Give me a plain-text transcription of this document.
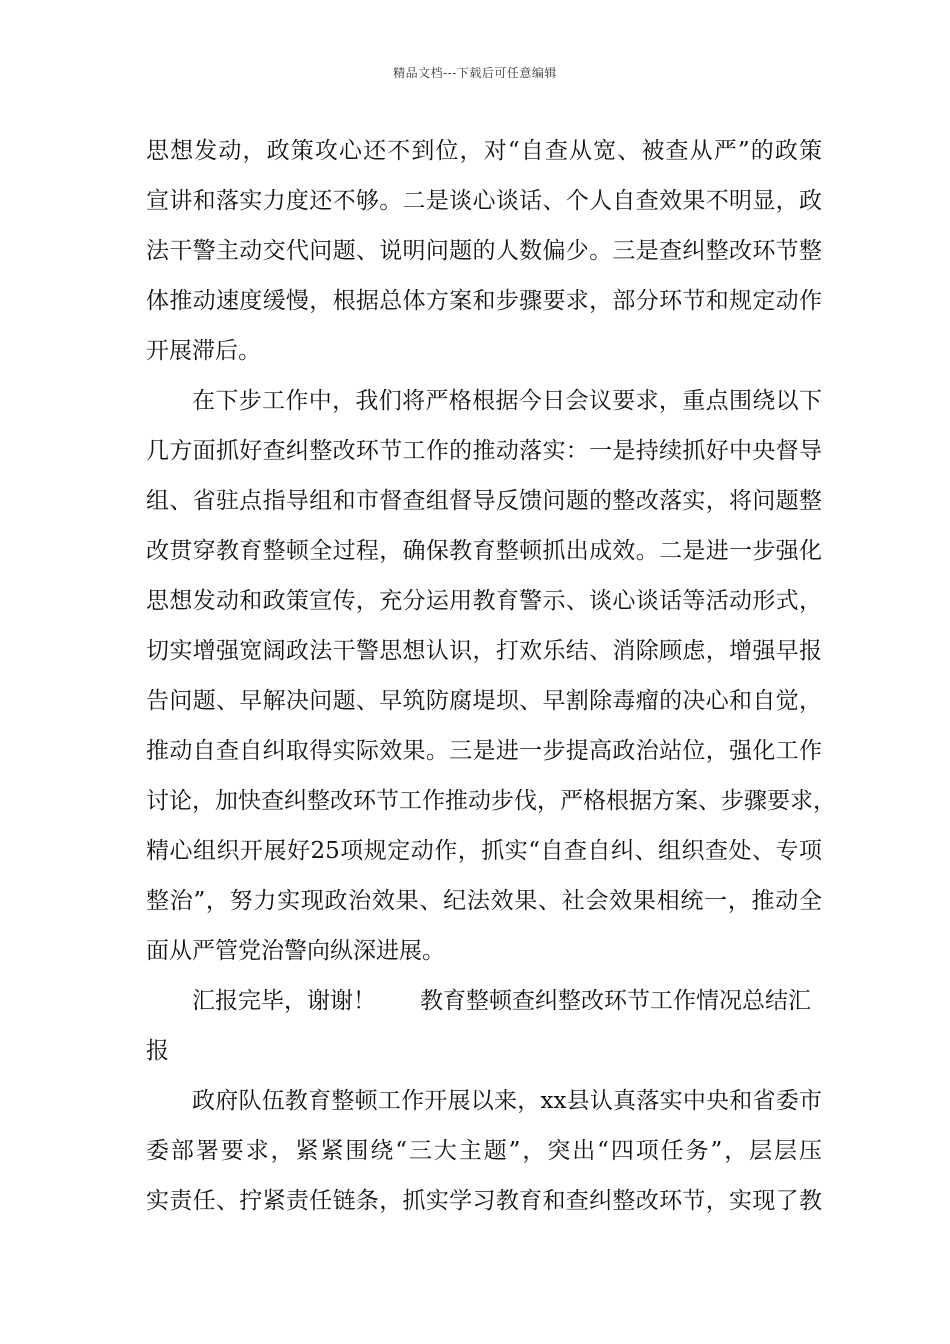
精品文档---下载后可任意编辑
思想发动，政策攻心还不到位，对“自查从宽、被查从严”的政策
宣讲和落实力度还不够。二是谈心谈话、个人自查效果不明显，政
法干警主动交代问题、说明问题的人数偏少。三是查纠整改环节整
体推动速度缓慢，根据总体方案和步骤要求，部分环节和规定动作
开展滞后。
在下步工作中，我们将严格根据今日会议要求，重点围绕以下
几方面抓好查纠整改环节工作的推动落实：一是持续抓好中央督导
组、省驻点指导组和市督查组督导反馈问题的整改落实，将问题整
改贯穿教育整顿全过程，确保教育整顿抓出成效。二是进一步强化
思想发动和政策宣传，充分运用教育警示、谈心谈话等活动形式，
切实增强宽阔政法干警思想认识，打欢乐结、消除顾虑，增强早报
告问题、早解决问题、早筑防腐堤坝、早割除毒瘤的决心和自觉，
推动自查自纠取得实际效果。三是进一步提高政治站位，强化工作
讨论，加快查纠整改环节工作推动步伐，严格根据方案、步骤要求，
精心组织开展好25项规定动作，抓实“自查自纠、组织查处、专项
整治”，努力实现政治效果、纪法效果、社会效果相统一，推动全
面从严管党治警向纵深进展。
汇报完毕，谢谢！ 教育整顿查纠整改环节工作情况总结汇
报
政府队伍教育整顿工作开展以来，xx县认真落实中央和省委市
委部署要求，紧紧围绕“三大主题”，突出“四项任务”，层层压
实责任、拧紧责任链条，抓实学习教育和查纠整改环节，实现了教
